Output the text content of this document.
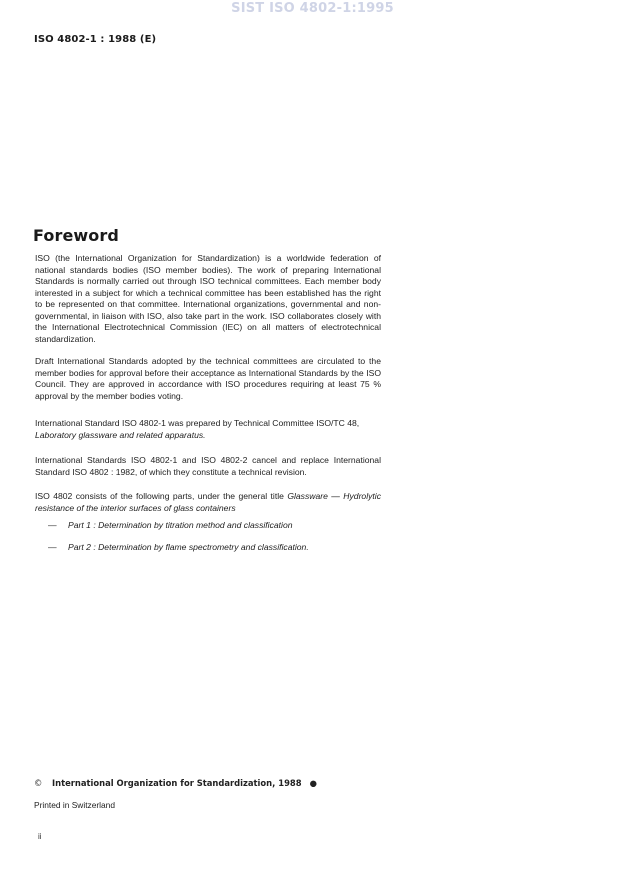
SIST ISO 4802-1:1995
ISO 4802-1 : 1988 (E)
Foreword

ISO (the International Organization for Standardization) is a worldwide federation of national standards bodies (ISO member bodies). The work of preparing International Standards is normally carried out through ISO technical committees. Each member body interested in a subject for which a technical committee has been established has the right to be represented on that committee. International organizations, governmental and non-governmental, in liaison with ISO, also take part in the work. ISO collaborates closely with the International Electrotechnical Commission (IEC) on all matters of electrotechnical standardization.

Draft International Standards adopted by the technical committees are circulated to the member bodies for approval before their acceptance as International Standards by the ISO Council. They are approved in accordance with ISO procedures requiring at least 75 % approval by the member bodies voting.

International Standard ISO 4802-1 was prepared by Technical Committee ISO/TC 48,
Laboratory glassware and related apparatus.

International Standards ISO 4802-1 and ISO 4802-2 cancel and replace International Standard ISO 4802 : 1982, of which they constitute a technical revision.

ISO 4802 consists of the following parts, under the general title Glassware — Hydrolytic resistance of the interior surfaces of glass containers

— Part 1 : Determination by titration method and classification
— Part 2 : Determination by flame spectrometry and classification.
© International Organization for Standardization, 1988 ●
Printed in Switzerland
ii
